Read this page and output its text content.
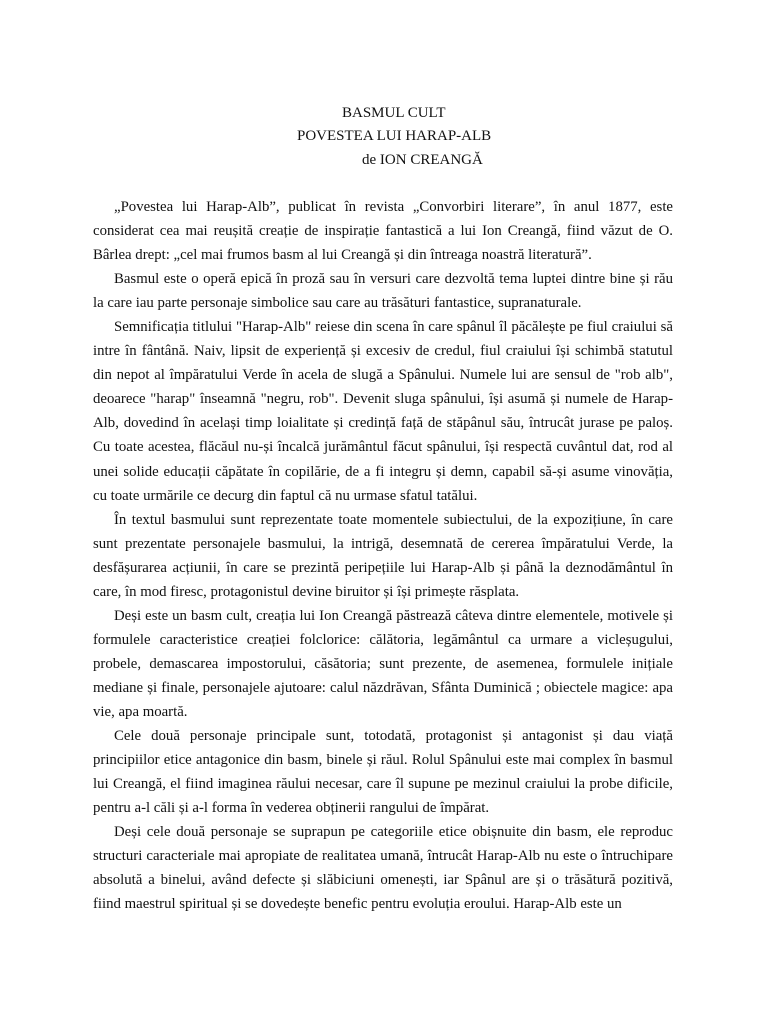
BASMUL CULT
POVESTEA LUI HARAP-ALB
de ION CREANGĂ

„Povestea lui Harap-Alb”, publicat în revista „Convorbiri literare”, în anul 1877, este considerat cea mai reușită creație de inspirație fantastică a lui Ion Creangă, fiind văzut de O. Bârlea drept: „cel mai frumos basm al lui Creangă și din întreaga noastră literatură”.

Basmul este o operă epică în proză sau în versuri care dezvoltă tema luptei dintre bine și rău la care iau parte personaje simbolice sau care au trăsături fantastice, supranaturale.

Semnificația titlului "Harap-Alb" reiese din scena în care spânul îl păcălește pe fiul craiului să intre în fântână. Naiv, lipsit de experiență și excesiv de credul, fiul craiului își schimbă statutul din nepot al împăratului Verde în acela de slugă a Spânului. Numele lui are sensul de "rob alb", deoarece "harap" înseamnă "negru, rob". Devenit sluga spânului, își asumă și numele de Harap-Alb, dovedind în același timp loialitate și credință față de stăpânul său, întrucât jurase pe paloș. Cu toate acestea, flăcăul nu-și încalcă jurământul făcut spânului, își respectă cuvântul dat, rod al unei solide educații căpătate în copilărie, de a fi integru și demn, capabil să-și asume vinovăția, cu toate urmările ce decurg din faptul că nu urmase sfatul tatălui.

În textul basmului sunt reprezentate toate momentele subiectului, de la expozițiune, în care sunt prezentate personajele basmului, la intrigă, desemnată de cererea împăratului Verde, la desfășurarea acțiunii, în care se prezintă peripețiile lui Harap-Alb și până la deznodământul în care, în mod firesc, protagonistul devine biruitor și își primește răsplata.

Deși este un basm cult, creația lui Ion Creangă păstrează câteva dintre elementele, motivele și formulele caracteristice creației folclorice: călătoria, legământul ca urmare a vicleșugului, probele, demascarea impostorului, căsătoria; sunt prezente, de asemenea, formulele inițiale mediane și finale, personajele ajutoare: calul năzdrăvan, Sfânta Duminică ; obiectele magice: apa vie, apa moartă.

Cele două personaje principale sunt, totodată, protagonist și antagonist și dau viață principiilor etice antagonice din basm, binele și răul. Rolul Spânului este mai complex în basmul lui Creangă, el fiind imaginea răului necesar, care îl supune pe mezinul craiului la probe dificile, pentru a-l căli și a-l forma în vederea obținerii rangului de împărat.

Deși cele două personaje se suprapun pe categoriile etice obișnuite din basm, ele reproduc structuri caracteriale mai apropiate de realitatea umană, întrucât Harap-Alb nu este o întruchipare absolută a binelui, având defecte și slăbiciuni omenești, iar Spânul are și o trăsătură pozitivă, fiind maestrul spiritual și se dovedește benefic pentru evoluția eroului. Harap-Alb este un
